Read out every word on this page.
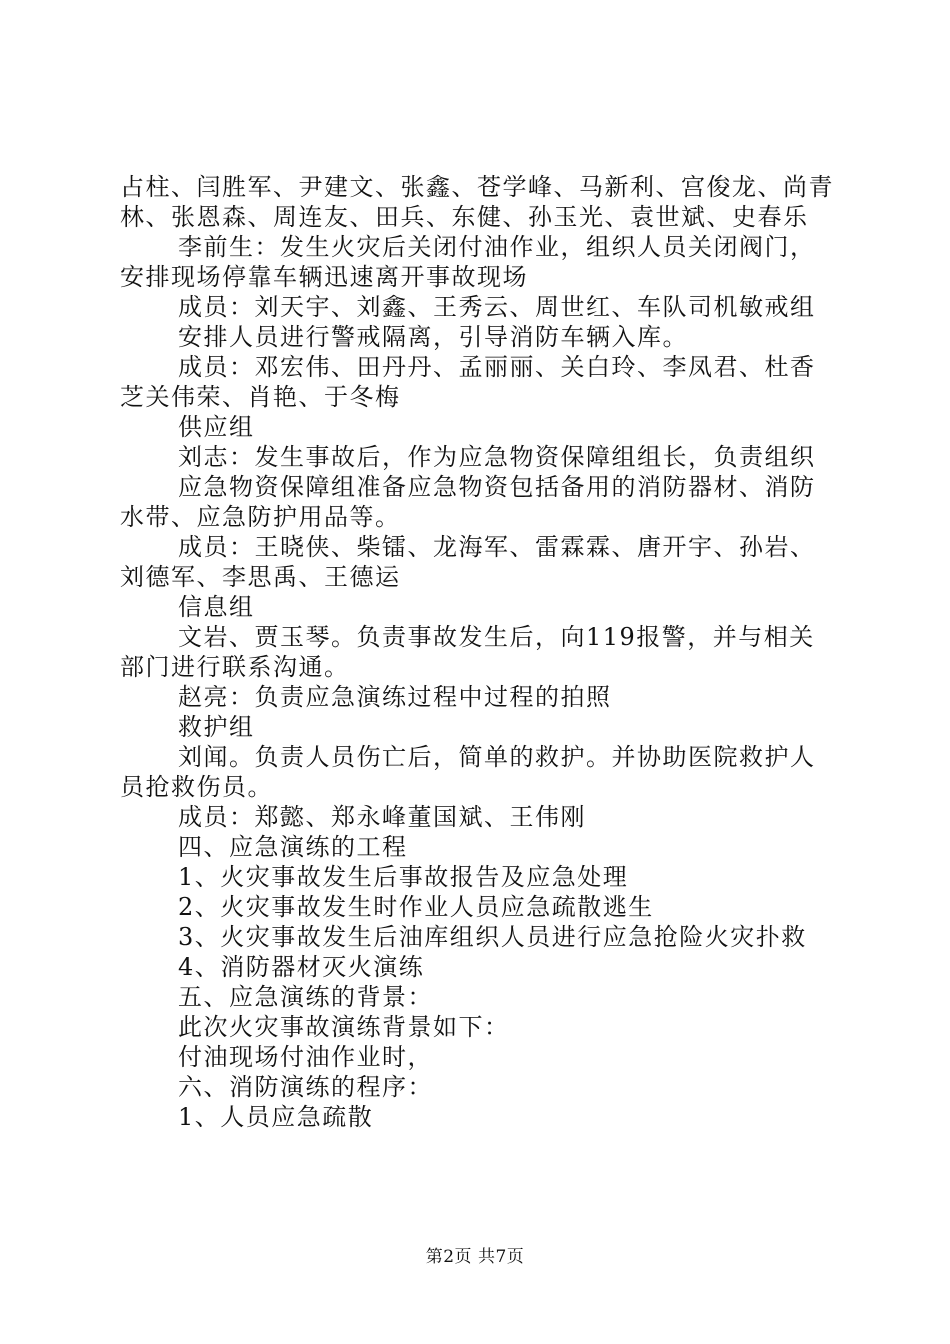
占柱、闫胜军、尹建文、张鑫、苍学峰、马新利、宫俊龙、尚青林、张恩森、周连友、田兵、东健、孙玉光、袁世斌、史春乐

李前生：发生火灾后关闭付油作业，组织人员关闭阀门，安排现场停靠车辆迅速离开事故现场

成员：刘天宇、刘鑫、王秀云、周世红、车队司机敏戒组

安排人员进行警戒隔离，引导消防车辆入库。

成员：邓宏伟、田丹丹、孟丽丽、关白玲、李凤君、杜香芝关伟荣、肖艳、于冬梅

供应组

刘志：发生事故后，作为应急物资保障组组长，负责组织

应急物资保障组准备应急物资包括备用的消防器材、消防水带、应急防护用品等。

成员：王晓侠、柴镭、龙海军、雷霖霖、唐开宇、孙岩、刘德军、李思禹、王德运

信息组

文岩、贾玉琴。负责事故发生后，向119报警，并与相关部门进行联系沟通。

赵亮：负责应急演练过程中过程的拍照

救护组

刘闻。负责人员伤亡后，简单的救护。并协助医院救护人员抢救伤员。

成员：郑懿、郑永峰董国斌、王伟刚

四、应急演练的工程

1、火灾事故发生后事故报告及应急处理

2、火灾事故发生时作业人员应急疏散逃生

3、火灾事故发生后油库组织人员进行应急抢险火灾扑救

4、消防器材灭火演练

五、应急演练的背景：

此次火灾事故演练背景如下：

付油现场付油作业时，

六、消防演练的程序：

1、人员应急疏散

第2页 共7页
